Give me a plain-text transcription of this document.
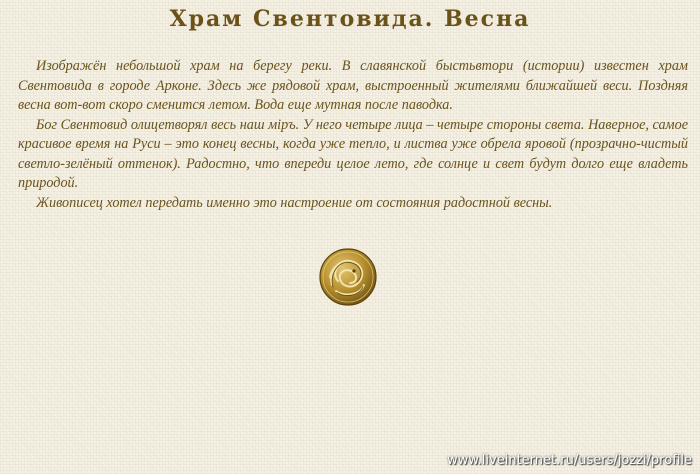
Храм Свентовида. Весна

Изображён небольшой храм на берегу реки. В славянской быстьвтори (истории) известен храм Свентовида в городе Арконе. Здесь же рядовой храм, выстроенный жителями ближайшей веси. Поздняя весна вот-вот скоро сменится летом. Вода еще мутная после паводка.

Бог Свентовид олицетворял весь наш міръ. У него четыре лица – четыре стороны света. Наверное, самое красивое время на Руси – это конец весны, когда уже тепло, и листва уже обрела яровой (прозрачно-чистый светло-зелёный оттенок). Радостно, что впереди целое лето, где солнце и свет будут долго еще владеть природой.

Живописец хотел передать именно это настроение от состояния радостной весны.

www.liveinternet.ru/users/jozzi/profile
